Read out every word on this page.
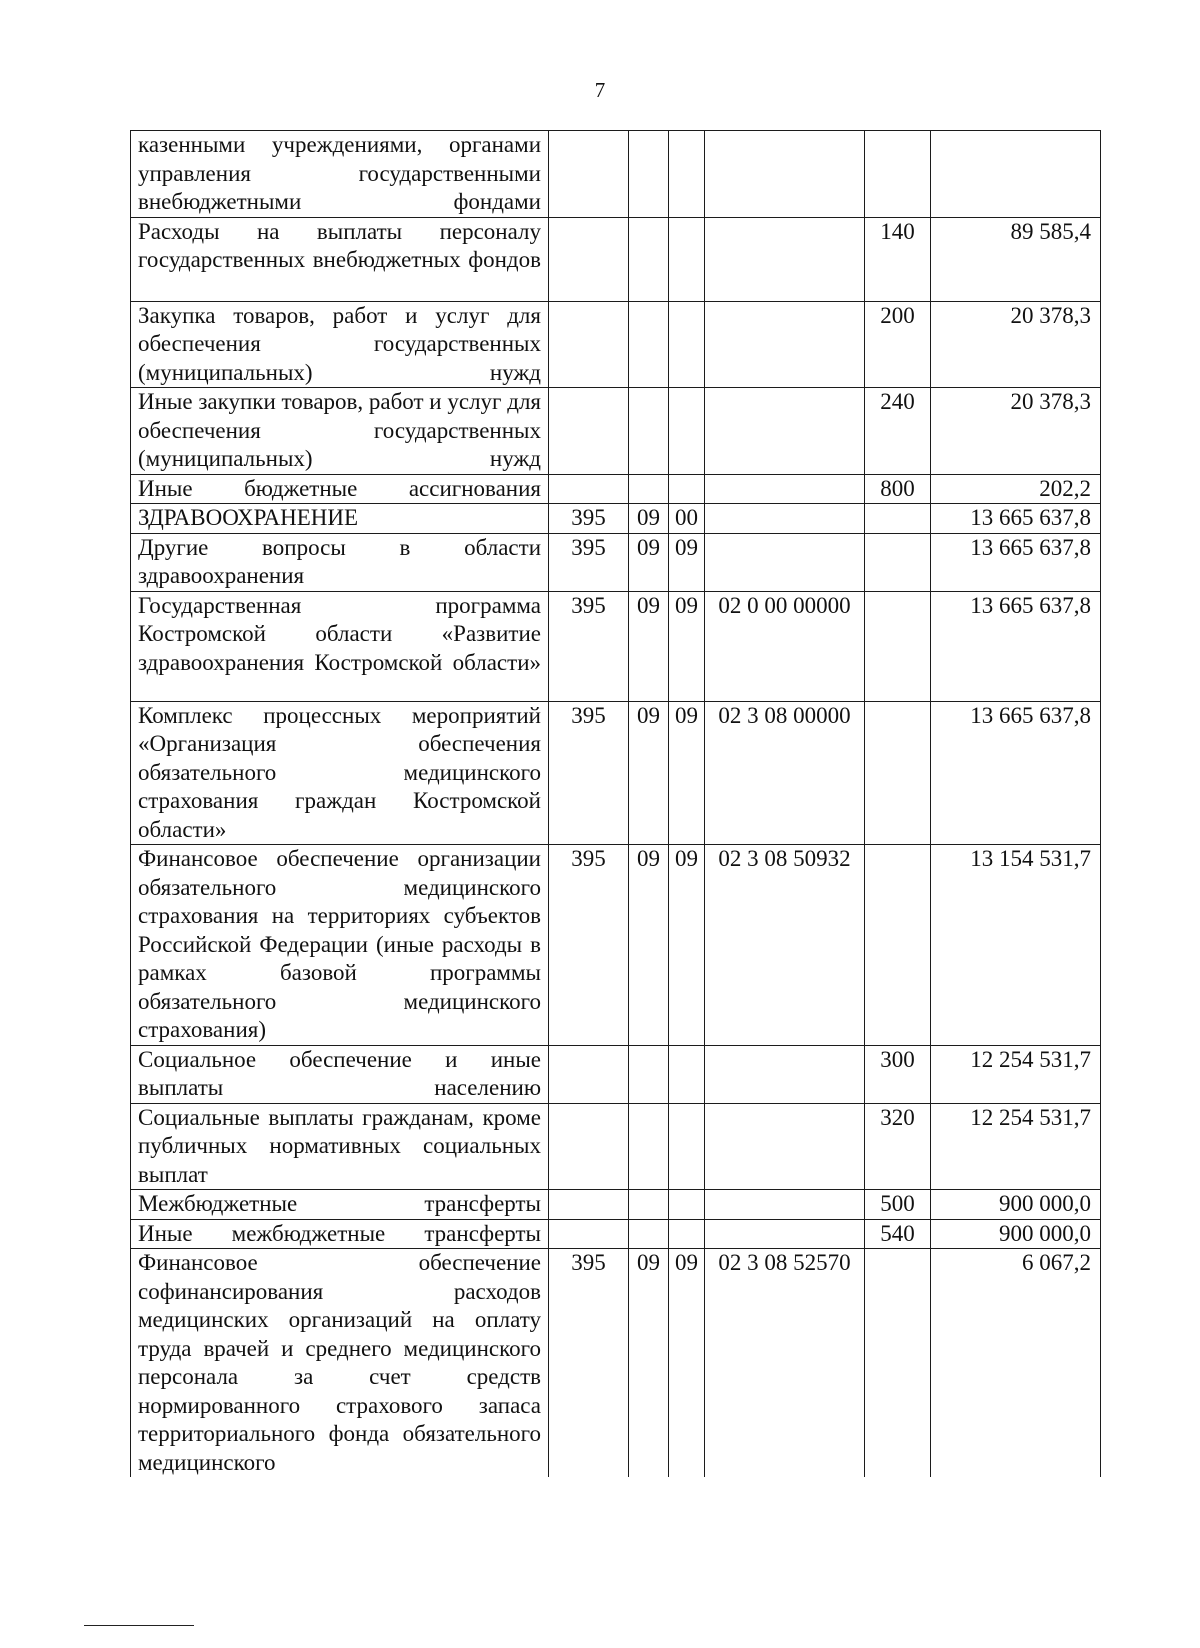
7
казенными учреждениями, органами управления государственными внебюджетными фондами						
Расходы на выплаты персоналу государственных внебюджетных фондов					140	89 585,4
Закупка товаров, работ и услуг для обеспечения государственных (муниципальных) нужд					200	20 378,3
Иные закупки товаров, работ и услуг для обеспечения государственных (муниципальных) нужд					240	20 378,3
Иные бюджетные ассигнования					800	202,2
ЗДРАВООХРАНЕНИЕ	395	09	00			13 665 637,8
Другие вопросы в области здравоохранения	395	09	09			13 665 637,8
Государственная программа Костромской области «Развитие здравоохранения Костромской области»	395	09	09	02 0 00 00000		13 665 637,8
Комплекс процессных мероприятий «Организация обеспечения обязательного медицинского страхования граждан Костромской области»	395	09	09	02 3 08 00000		13 665 637,8
Финансовое обеспечение организации обязательного медицинского страхования на территориях субъектов Российской Федерации (иные расходы в рамках базовой программы обязательного медицинского страхования)	395	09	09	02 3 08 50932		13 154 531,7
Социальное обеспечение и иные выплаты населению					300	12 254 531,7
Социальные выплаты гражданам, кроме публичных нормативных социальных выплат					320	12 254 531,7
Межбюджетные трансферты					500	900 000,0
Иные межбюджетные трансферты					540	900 000,0
Финансовое обеспечение софинансирования расходов медицинских организаций на оплату труда врачей и среднего медицинского персонала за счет средств нормированного страхового запаса территориального фонда обязательного медицинского	395	09	09	02 3 08 52570		6 067,2
